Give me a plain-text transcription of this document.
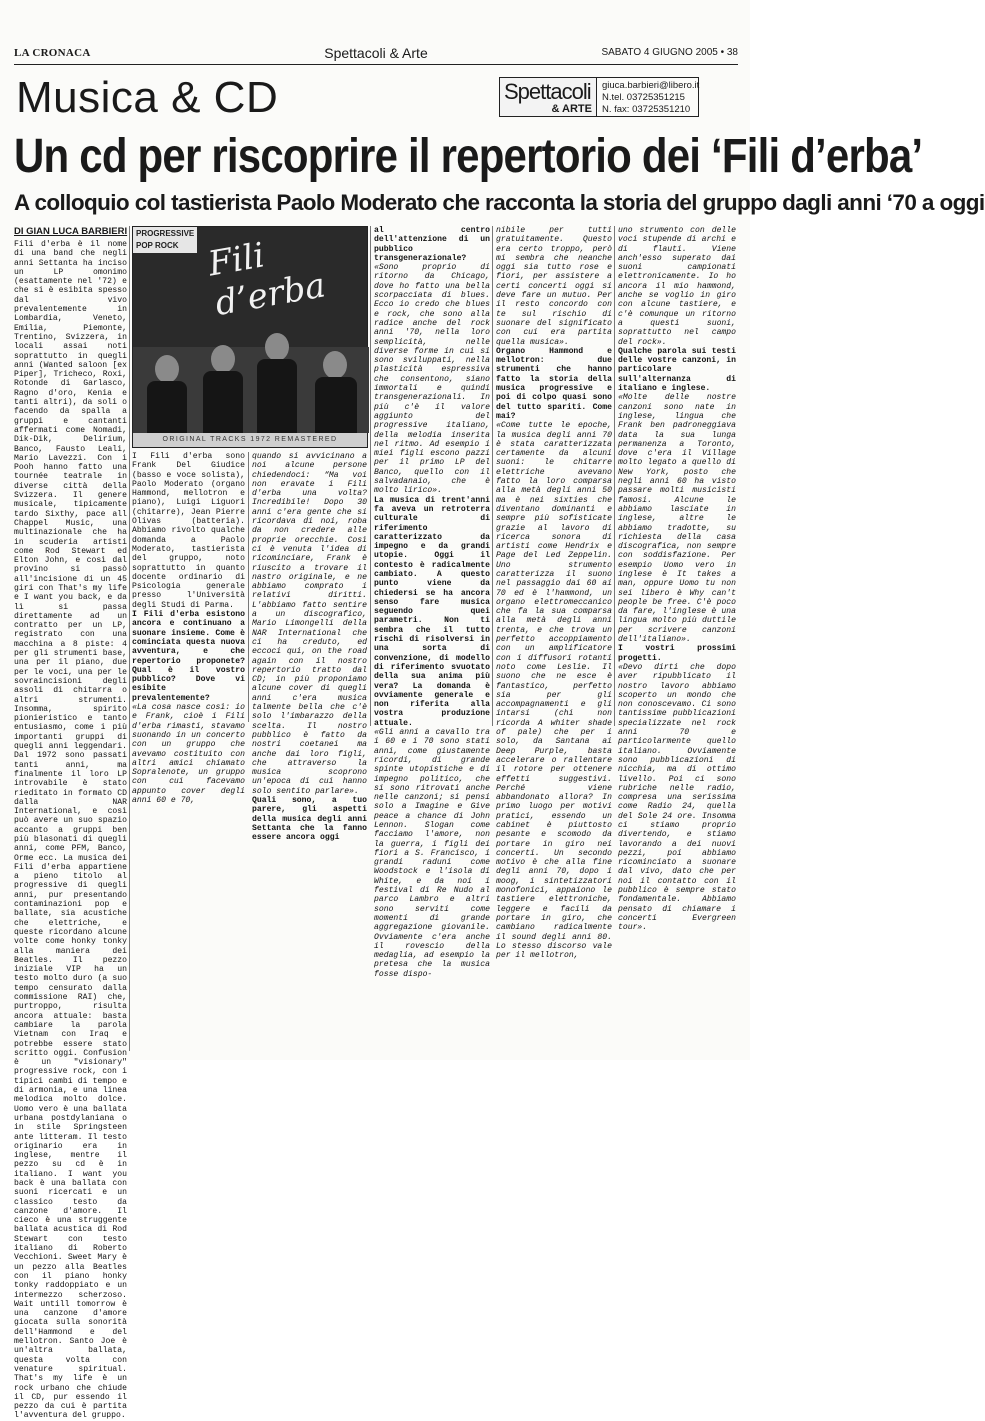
LA CRONACA	Spettacoli & Arte	SABATO 4 GIUGNO 2005 • 38
Musica & CD	Spettacoli
& ARTE
giuca.barbieri@libero.it
N.tel. 03725351215
N. fax: 03725351210
Un cd per riscoprire il repertorio dei ‘Fili d’erba’
A colloquio col tastierista Paolo Moderato che racconta la storia del gruppo dagli anni ‘70 a oggi
DI GIAN LUCA BARBIERI

Fili d'erba è il nome di una band che negli anni Settanta ha inciso un LP omonimo (esattamente nel '72) e che si è esibita spesso dal vivo prevalentemente in Lombardia, Veneto, Emilia, Piemonte, Trentino, Svizzera, in locali assai noti soprattutto in quegli anni (Wanted saloon [ex Piper], Tricheco, Roxi, Rotonde di Garlasco, Ragno d'oro, Kenia e tanti altri), da soli o facendo da spalla a gruppi e cantanti affermati come Nomadi, Dik-Dik, Delirium, Banco, Fausto Leali, Mario Lavezzi. Con i Pooh hanno fatto una tournée teatrale in diverse città della Svizzera. Il genere musicale, tipicamente tardo Sixthy, pace all Chappel Music, una multinazionale che ha in scuderia artisti come Rod Stewart ed Elton John, e così dal provino si passò all'incisione di un 45 giri con That's my life e I want you back, e da lì si passa direttamente ad un contratto per un LP, registrato con una macchina a 8 piste: 4 per gli strumenti base, una per il piano, due per le voci, una per le sovraincisioni degli assoli di chitarra o altri strumenti. Insomma, spirito pionieristico e tanto entusiasmo, come i più importanti gruppi di quegli anni leggendari. Dal 1972 sono passati tanti anni, ma finalmente il loro LP introvabile è stato rieditato in formato CD dalla NAR International, e così può avere un suo spazio accanto a gruppi ben più blasonati di quegli anni, come PFM, Banco, Orme ecc. La musica dei Fili d'erba appartiene a pieno titolo al progressive di quegli anni, pur presentando contaminazioni pop e ballate, sia acustiche che elettriche, e queste ricordano alcune volte come honky tonky alla maniera dei Beatles. Il pezzo iniziale VIP ha un testo molto duro (a suo tempo censurato dalla commissione RAI) che, purtroppo, risulta ancora attuale: basta cambiare la parola Vietnam con Iraq e potrebbe essere stato scritto oggi. Confusion è un "visionary" progressive rock, con i tipici cambi di tempo e di armonia, e una linea melodica molto dolce. Uomo vero è una ballata urbana postdylaniana o in stile Springsteen ante litteram. Il testo originario era in inglese, mentre il pezzo su cd è in italiano. I want you back è una ballata con suoni ricercati e un classico testo da canzone d'amore. Il cieco è una struggente ballata acustica di Rod Stewart con testo italiano di Roberto Vecchioni. Sweet Mary è un pezzo alla Beatles con il piano honky tonky raddoppiato e un intermezzo scherzoso. Wait untill tomorrow è una canzone d'amore giocata sulla sonorità dell'Hammond e del mellotron. Santo Joe è un'altra ballata, questa volta con venature spiritual. That's my life è un rock urbano che chiude il CD, pur essendo il pezzo da cui è partita l'avventura del gruppo.

PROGRESSIVE POP ROCK Fili d’erba
ORIGINAL TRACKS 1972 REMASTERED

I Fili d'erba sono Frank Del Giudice (basso e voce solista), Paolo Moderato (organo Hammond, mellotron e piano), Luigi Liguori (chitarre), Jean Pierre Olivas (batteria). Abbiamo rivolto qualche domanda a Paolo Moderato, tastierista del gruppo, noto soprattutto in quanto docente ordinario di Psicologia generale presso l'Università degli Studi di Parma.

I Fili d'erba esistono ancora e continuano a suonare insieme. Come è cominciata questa nuova avventura, e che repertorio proponete? Qual è il vostro pubblico? Dove vi esibite prevalentemente?

«La cosa nasce così: io e Frank, cioè i Fili d'erba rimasti, stavamo suonando in un concerto con un gruppo che avevamo costituito con altri amici chiamato Sopralenote, un gruppo con cui facevamo appunto cover degli anni 60 e 70,

quando si avvicinano a noi alcune persone chiedendoci: “Ma voi non eravate i Fili d'erba una volta? Incredibile! Dopo 30 anni c'era gente che si ricordava di noi, roba da non credere alle proprie orecchie. Così ci è venuta l'idea di ricominciare, Frank è riuscito a trovare il nastro originale, e ne abbiamo comprato i relativi diritti. L'abbiamo fatto sentire a un discografico, Mario Limongelli della NAR International che ci ha creduto, ed eccoci qui, on the road again con il nostro repertorio tratto dal CD; in più proponiamo alcune cover di quegli anni c'era musica talmente bella che c'è solo l'imbarazzo della scelta. Il nostro pubblico è fatto da nostri coetanei ma anche dai loro figli, che attraverso la musica scoprono un'epoca di cui hanno solo sentito parlare».

Quali sono, a tuo parere, gli aspetti della musica degli anni Settanta che la fanno essere ancora oggi

al centro dell'attenzione di un pubblico transgenerazionale?

«Sono proprio di ritorno da Chicago, dove ho fatto una bella scorpacciata di blues. Ecco io credo che blues e rock, che sono alla radice anche del rock anni '70, nella loro semplicità, nelle diverse forme in cui si sono sviluppati, nella plasticità espressiva che consentono, siano immortali e quindi transgenerazionali. In più c'è il valore aggiunto del progressive italiano, della melodia inserita nel ritmo. Ad esempio i miei figli escono pazzi per il primo LP del Banco, quello con il salvadanaio, che è molto lirico».

La musica di trent'anni fa aveva un retroterra culturale di riferimento caratterizzato da impegno e da grandi utopie. Oggi il contesto è radicalmente cambiato. A questo punto viene da chiedersi se ha ancora senso fare musica seguendo quei parametri. Non ti sembra che il tutto rischi di risolversi in una sorta di convenzione, di modello di riferimento svuotato della sua anima più vera? La domanda è ovviamente generale e non riferita alla vostra produzione attuale.

«Gli anni a cavallo tra i 60 e i 70 sono stati anni, come giustamente ricordi, di grande spinte utopistiche e di impegno politico, che si sono ritrovati anche nelle canzoni; si pensi solo a Imagine e Give peace a chance di John Lennon. Slogan come facciamo l'amore, non la guerra, i figli dei fiori a S. Francisco, i grandi raduni come Woodstock e l'isola di White, e da noi i festival di Re Nudo al parco Lambro e altri sono serviti come momenti di grande aggregazione giovanile. Ovviamente c'era anche il rovescio della medaglia, ad esempio la pretesa che la musica fosse dispo-

nibile per tutti gratuitamente. Questo era certo troppo, però mi sembra che neanche oggi sia tutto rose e fiori, per assistere a certi concerti oggi si deve fare un mutuo. Per il resto concordo con te sul rischio di suonare del significato con cui era partita quella musica».

Organo Hammond e mellotron: due strumenti che hanno fatto la storia della musica progressive e poi di colpo quasi sono del tutto spariti. Come mai?

«Come tutte le epoche, la musica degli anni 70 è stata caratterizzata certamente da alcuni suoni: le chitarre elettriche avevano fatto la loro comparsa alla metà degli anni 50 ma è nei sixties che diventano dominanti e sempre più sofisticate grazie al lavoro di ricerca sonora di artisti come Hendrix e Page del Led Zeppelin. Uno strumento caratterizza il suono nel passaggio dai 60 ai 70 ed è l'hammond, un organo elettromeccanico che fa la sua comparsa alla metà degli anni trenta, e che trova un perfetto accoppiamento con un amplificatore con i diffusori rotanti noto come Leslie. Il suono che ne esce è fantastico, perfetto sia per gli accompagnamenti e gli intarsi (chi non ricorda A whiter shade of pale) che per i solo, da Santana ai Deep Purple, basta accelerare o rallentare il rotore per ottenere effetti suggestivi. Perché viene abbandonato allora? In primo luogo per motivi pratici, essendo un cabinet è piuttosto pesante e scomodo da portare in giro nei concerti. Un secondo motivo è che alla fine degli anni 70, dopo i moog, i sintetizzatori monofonici, appaiono le tastiere elettroniche, leggere e facili da portare in giro, che cambiano radicalmente il sound degli anni 80. Lo stesso discorso vale per il mellotron,

uno strumento con delle voci stupende di archi e di flauti. Viene anch'esso superato dai suoni campionati elettronicamente. Io ho ancora il mio hammond, anche se voglio in giro con alcune tastiere, e c'è comunque un ritorno a questi suoni, soprattutto nel campo del rock».

Qualche parola sui testi delle vostre canzoni, in particolare sull'alternanza di italiano e inglese.

«Molte delle nostre canzoni sono nate in inglese, lingua che Frank ben padroneggiava data la sua lunga permanenza a Toronto, dove c'era il Village molto legato a quello di New York, posto che negli anni 60 ha visto passare molti musicisti famosi. Alcune le abbiamo lasciate in inglese, altre le abbiamo tradotte, su richiesta della casa discografica, non sempre con soddisfazione. Per esempio Uomo vero in inglese è It takes a man, oppure Uomo tu non sei libero è Why can't people be free. C'è poco da fare, l'inglese è una lingua molto più duttile per scrivere canzoni dell'italiano».

I vostri prossimi progetti.

«Devo dirti che dopo aver ripubblicato il nostro lavoro abbiamo scoperto un mondo che non conoscevamo. Ci sono tantissime pubblicazioni specializzate nel rock anni 70 e particolarmente quello italiano. Ovviamente sono pubblicazioni di nicchia, ma di ottimo livello. Poi ci sono rubriche nelle radio, compresa una serissima come Radio 24, quella del Sole 24 ore. Insomma ci stiamo proprio divertendo, e stiamo lavorando a dei nuovi pezzi, poi abbiamo ricominciato a suonare dal vivo, dato che per noi il contatto con il pubblico è sempre stato fondamentale. Abbiamo pensato di chiamare i concerti Evergreen tour».
